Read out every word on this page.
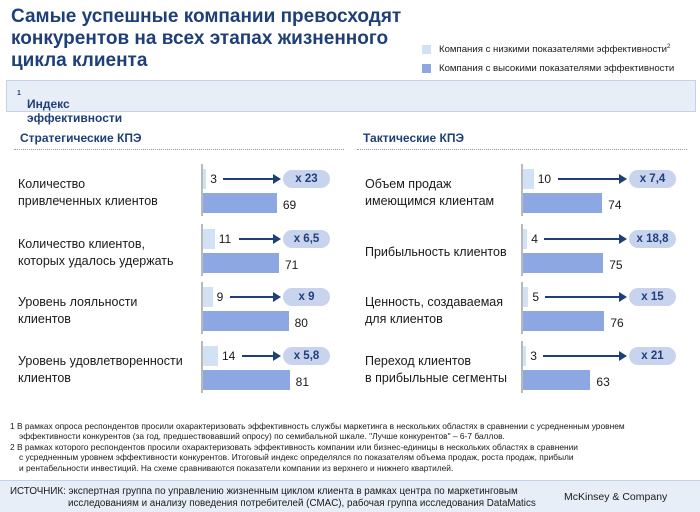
Самые успешные компании превосходят конкурентов на всех этапах жизненного цикла клиента
Компания с низкими показателями эффективности$^2$
Компания с высокими показателями эффективности
Индекс эффективности
$^1$
Стратегические КПЭ	Тактические КПЭ
Количество
привлеченных клиентов
3	x 23
69
Количество клиентов,
которых удалось удержать
11	x 6,5
71
Уровень лояльности
клиентов
9	x 9
80
Уровень удовлетворенности
клиентов
14	x 5,8
81
Объем продаж
имеющимся клиентам
10	x 7,4
74
Прибыльность клиентов
4	x 18,8
75
Ценность, создаваемая
для клиентов
5	x 15
76
Переход клиентов
в прибыльные сегменты
3	x 21
63

1 В рамках опроса респондентов просили охарактеризовать эффективность службы маркетинга в нескольких областях в сравнении с усредненным уровнем

эффективности конкурентов (за год, предшествовавший опросу) по семибальной шкале. "Лучше конкурентов" – 6-7 баллов.

2 В рамках которого респондентов просили охарактеризовать эффективность компании или бизнес-единицы в нескольких областях в сравнении

с усредненным уровнем эффективности конкурентов. Итоговый индекс определялся по показателям объема продаж, роста продаж, прибыли

и рентабельности инвестиций. На схеме сравниваются показатели компании из верхнего и нижнего квартилей.

ИСТОЧНИК: экспертная группа по управлению жизненным циклом клиента в рамках центра по маркетинговым
исследованиям и анализу поведения потребителей (CMAC), рабочая группа исследования DataMatics
McKinsey & Company
